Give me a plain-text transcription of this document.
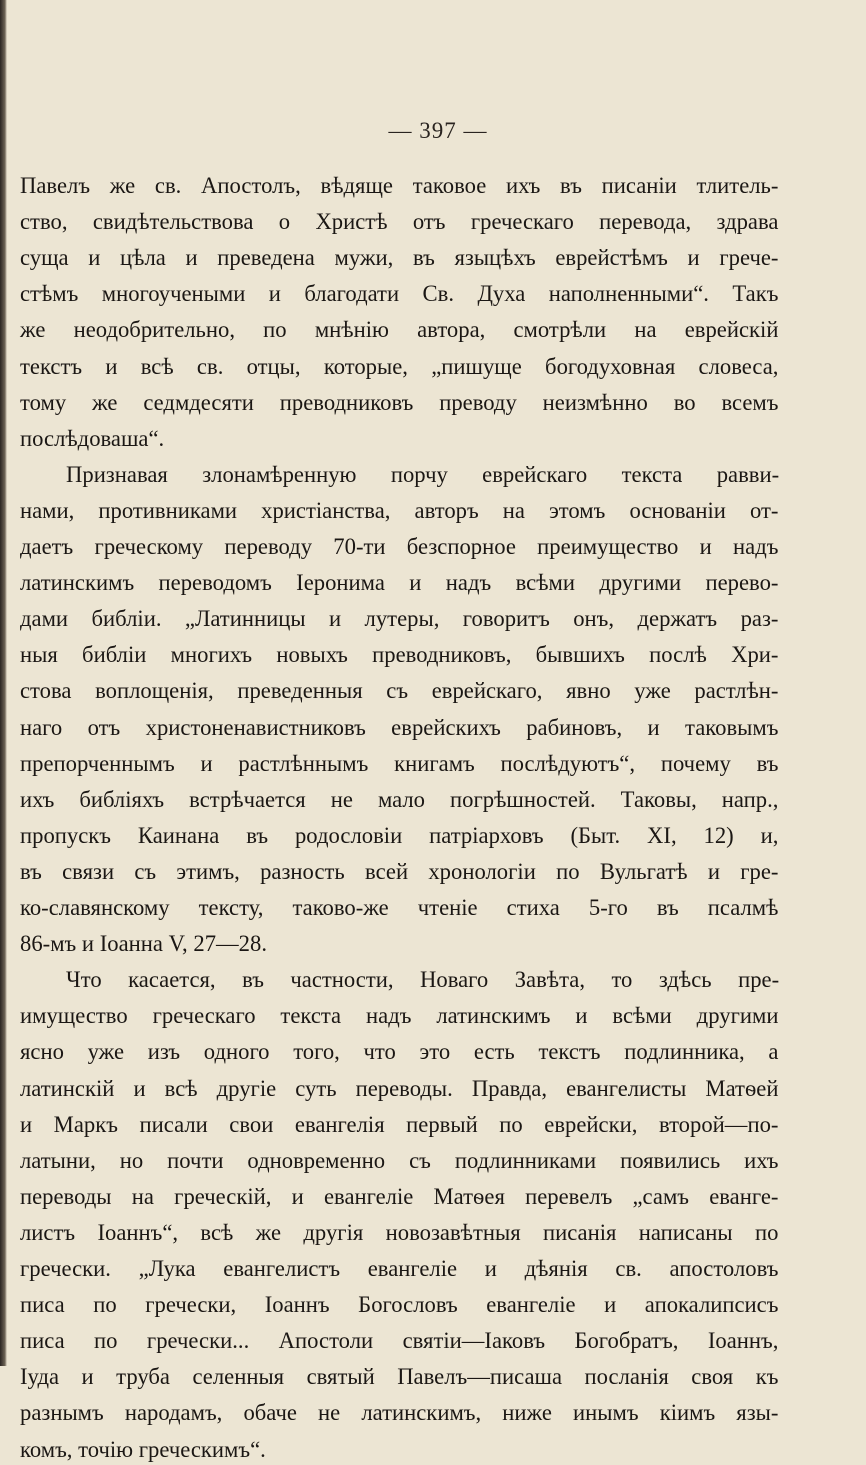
— 397 —
Павелъ же св. Апостолъ, вѣдяще таковое ихъ въ писанiи тлитель-
ство, свидѣтельствова о Христѣ отъ греческаго перевода, здрава
суща и цѣла и преведена мужи, въ языцѣхъ еврейстѣмъ и грече-
стѣмъ многоучеными и благодати Св. Духа наполненными“. Такъ
же неодобрительно, по мнѣнiю автора, смотрѣли на еврейскiй
текстъ и всѣ св. отцы, которые, „пишуще богодуховная словеса,
тому же седмдесяти преводниковъ преводу неизмѣнно во всемъ
послѣдоваша“.
Признавая злонамѣренную порчу еврейскаго текста равви-
нами, противниками христiанства, авторъ на этомъ основанiи от-
даетъ греческому переводу 70-ти безспорное преимущество и надъ
латинскимъ переводомъ Iеронима и надъ всѣми другими перево-
дами библiи. „Латинницы и лутеры, говоритъ онъ, держатъ раз-
ныя библiи многихъ новыхъ преводниковъ, бывшихъ послѣ Хри-
стова воплощенiя, преведенныя съ еврейскаго, явно уже растлѣн-
наго отъ христоненавистниковъ еврейскихъ рабиновъ, и таковымъ
препорченнымъ и растлѣннымъ книгамъ послѣдуютъ“, почему въ
ихъ библiяхъ встрѣчается не мало погрѣшностей. Таковы, напр.,
пропускъ Каинана въ родословiи патрiарховъ (Быт. XI, 12) и,
въ связи съ этимъ, разность всей хронологiи по Вульгатѣ и гре-
ко-славянскому тексту, таково-же чтенiе стиха 5-го въ псалмѣ
86-мъ и Iоанна V, 27—28.
Что касается, въ частности, Новаго Завѣта, то здѣсь пре-
имущество греческаго текста надъ латинскимъ и всѣми другими
ясно уже изъ одного того, что это есть текстъ подлинника, а
латинскiй и всѣ другiе суть переводы. Правда, евангелисты Матѳей
и Маркъ писали свои евангелiя первый по еврейски, второй—по-
латыни, но почти одновременно съ подлинниками появились ихъ
переводы на греческiй, и евангелiе Матѳея перевелъ „самъ еванге-
листъ Iоаннъ“, всѣ же другiя новозавѣтныя писанiя написаны по
гречески. „Лука евангелистъ евангелiе и дѣянiя св. апостоловъ
писа по гречески, Iоаннъ Богословъ евангелiе и апокалипсисъ
писа по гречески... Апостоли святiи—Iаковъ Богобратъ, Iоаннъ,
Iуда и труба селенныя святый Павелъ—писаша посланiя своя къ
разнымъ народамъ, обаче не латинскимъ, ниже инымъ кiимъ язы-
комъ, точiю греческимъ“.
